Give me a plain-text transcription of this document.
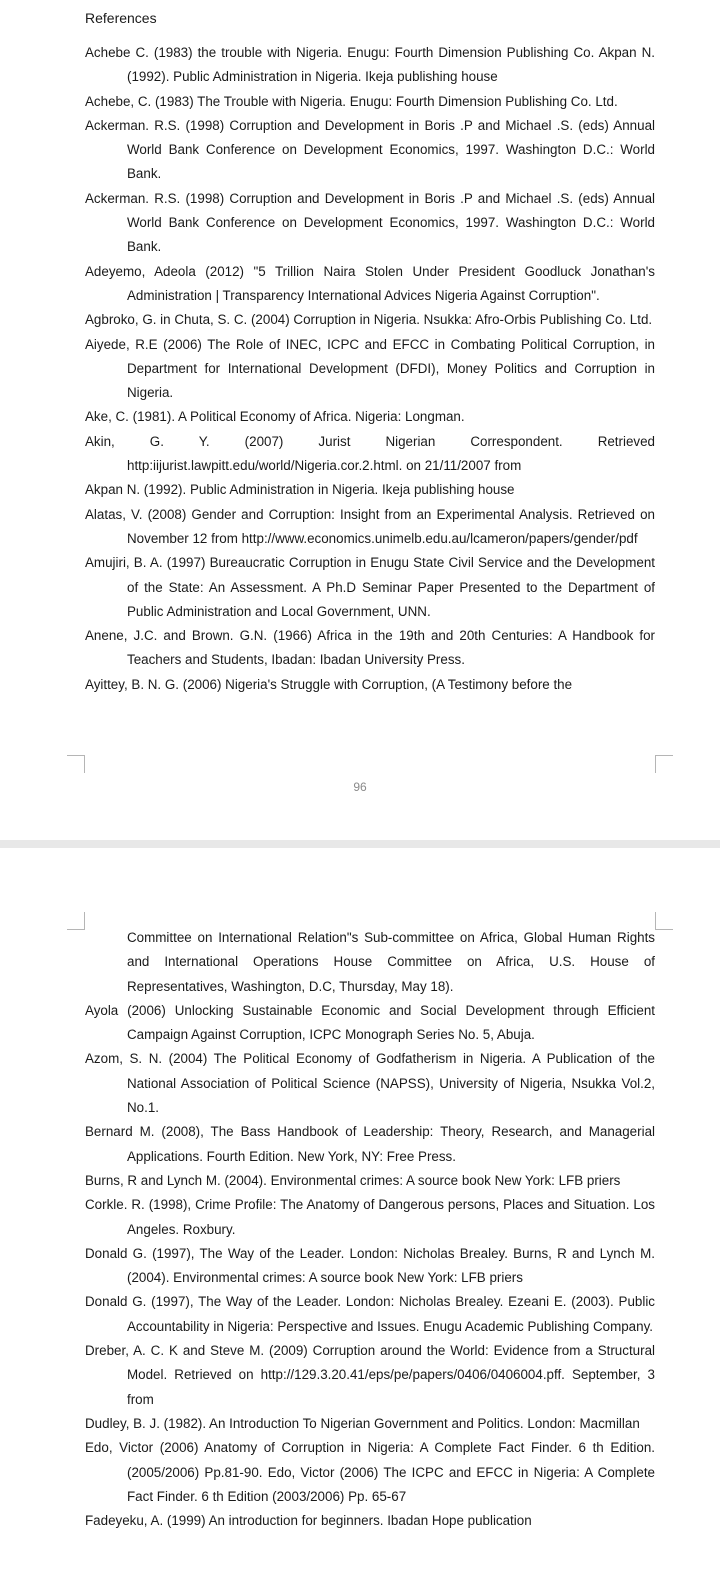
References

Achebe C. (1983) the trouble with Nigeria. Enugu: Fourth Dimension Publishing Co. Akpan N.(1992). Public Administration in Nigeria. Ikeja publishing house

Achebe, C. (1983) The Trouble with Nigeria. Enugu: Fourth Dimension Publishing Co. Ltd.

Ackerman. R.S. (1998) Corruption and Development in Boris .P and Michael .S. (eds) Annual World Bank Conference on Development Economics, 1997. Washington D.C.: World Bank.

Ackerman. R.S. (1998) Corruption and Development in Boris .P and Michael .S. (eds) Annual World Bank Conference on Development Economics, 1997. Washington D.C.: World Bank.

Adeyemo, Adeola (2012) "5 Trillion Naira Stolen Under President Goodluck Jonathan's Administration | Transparency International Advices Nigeria Against Corruption".

Agbroko, G. in Chuta, S. C. (2004) Corruption in Nigeria. Nsukka: Afro-Orbis Publishing Co. Ltd.

Aiyede, R.E (2006) The Role of INEC, ICPC and EFCC in Combating Political Corruption, in Department for International Development (DFDI), Money Politics and Corruption in Nigeria.

Ake, C. (1981). A Political Economy of Africa. Nigeria: Longman.

Akin, G. Y. (2007) Jurist Nigerian Correspondent. Retrieved http:iijurist.lawpitt.edu/world/Nigeria.cor.2.html. on 21/11/2007 from

Akpan N. (1992). Public Administration in Nigeria. Ikeja publishing house

Alatas, V. (2008) Gender and Corruption: Insight from an Experimental Analysis. Retrieved on November 12 from http://www.economics.unimelb.edu.au/lcameron/papers/gender/pdf

Amujiri, B. A. (1997) Bureaucratic Corruption in Enugu State Civil Service and the Development of the State: An Assessment. A Ph.D Seminar Paper Presented to the Department of Public Administration and Local Government, UNN.

Anene, J.C. and Brown. G.N. (1966) Africa in the 19th and 20th Centuries: A Handbook for Teachers and Students, Ibadan: Ibadan University Press.

Ayittey, B. N. G. (2006) Nigeria's Struggle with Corruption, (A Testimony before the

96

Committee on International Relation"s Sub-committee on Africa, Global Human Rights and International Operations House Committee on Africa, U.S. House of Representatives, Washington, D.C, Thursday, May 18).

Ayola (2006) Unlocking Sustainable Economic and Social Development through Efficient Campaign Against Corruption, ICPC Monograph Series No. 5, Abuja.

Azom, S. N. (2004) The Political Economy of Godfatherism in Nigeria. A Publication of the National Association of Political Science (NAPSS), University of Nigeria, Nsukka Vol.2, No.1.

Bernard M. (2008), The Bass Handbook of Leadership: Theory, Research, and Managerial Applications. Fourth Edition. New York, NY: Free Press.

Burns, R and Lynch M. (2004). Environmental crimes: A source book New York: LFB priers

Corkle. R. (1998), Crime Profile: The Anatomy of Dangerous persons, Places and Situation. Los Angeles. Roxbury.

Donald G. (1997), The Way of the Leader. London: Nicholas Brealey. Burns, R and Lynch M. (2004). Environmental crimes: A source book New York: LFB priers

Donald G. (1997), The Way of the Leader. London: Nicholas Brealey. Ezeani E. (2003). Public Accountability in Nigeria: Perspective and Issues. Enugu Academic Publishing Company.

Dreber, A. C. K and Steve M. (2009) Corruption around the World: Evidence from a Structural Model. Retrieved on http://129.3.20.41/eps/pe/papers/0406/0406004.pff. September, 3 from

Dudley, B. J. (1982). An Introduction To Nigerian Government and Politics. London: Macmillan

Edo, Victor (2006) Anatomy of Corruption in Nigeria: A Complete Fact Finder. 6 th Edition.(2005/2006) Pp.81-90. Edo, Victor (2006) The ICPC and EFCC in Nigeria: A Complete Fact Finder. 6 th Edition (2003/2006) Pp. 65-67

Fadeyeku, A. (1999) An introduction for beginners. Ibadan Hope publication
